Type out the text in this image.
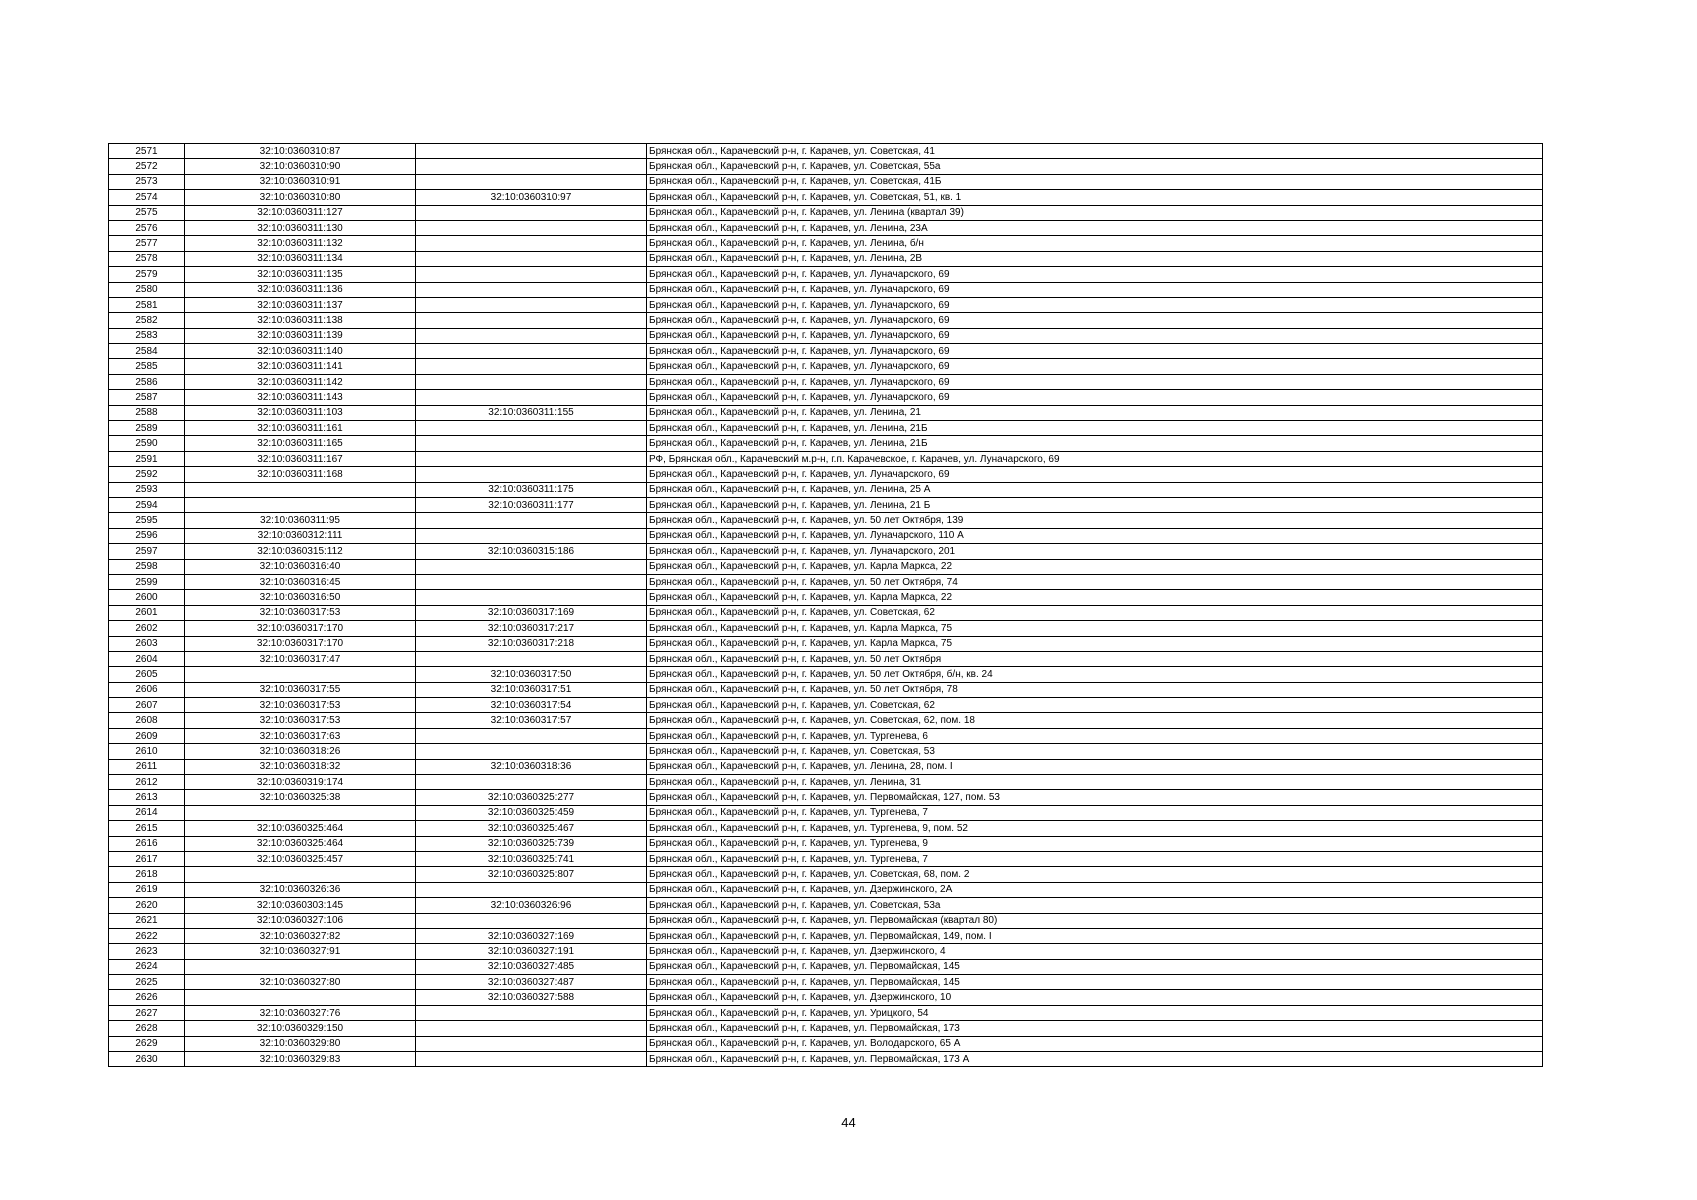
2571	32:10:0360310:87		Брянская обл., Карачевский р-н, г. Карачев, ул. Советская, 41
2572	32:10:0360310:90		Брянская обл., Карачевский р-н, г. Карачев, ул. Советская, 55а
2573	32:10:0360310:91		Брянская обл., Карачевский р-н, г. Карачев, ул. Советская, 41Б
2574	32:10:0360310:80	32:10:0360310:97	Брянская обл., Карачевский р-н, г. Карачев, ул. Советская, 51, кв. 1
2575	32:10:0360311:127		Брянская обл., Карачевский р-н, г. Карачев, ул. Ленина (квартал 39)
2576	32:10:0360311:130		Брянская обл., Карачевский р-н, г. Карачев, ул. Ленина, 23А
2577	32:10:0360311:132		Брянская обл., Карачевский р-н, г. Карачев, ул. Ленина, б/н
2578	32:10:0360311:134		Брянская обл., Карачевский р-н, г. Карачев, ул. Ленина, 2В
2579	32:10:0360311:135		Брянская обл., Карачевский р-н, г. Карачев, ул. Луначарского, 69
2580	32:10:0360311:136		Брянская обл., Карачевский р-н, г. Карачев, ул. Луначарского, 69
2581	32:10:0360311:137		Брянская обл., Карачевский р-н, г. Карачев, ул. Луначарского, 69
2582	32:10:0360311:138		Брянская обл., Карачевский р-н, г. Карачев, ул. Луначарского, 69
2583	32:10:0360311:139		Брянская обл., Карачевский р-н, г. Карачев, ул. Луначарского, 69
2584	32:10:0360311:140		Брянская обл., Карачевский р-н, г. Карачев, ул. Луначарского, 69
2585	32:10:0360311:141		Брянская обл., Карачевский р-н, г. Карачев, ул. Луначарского, 69
2586	32:10:0360311:142		Брянская обл., Карачевский р-н, г. Карачев, ул. Луначарского, 69
2587	32:10:0360311:143		Брянская обл., Карачевский р-н, г. Карачев, ул. Луначарского, 69
2588	32:10:0360311:103	32:10:0360311:155	Брянская обл., Карачевский р-н, г. Карачев, ул. Ленина, 21
2589	32:10:0360311:161		Брянская обл., Карачевский р-н, г. Карачев, ул. Ленина, 21Б
2590	32:10:0360311:165		Брянская обл., Карачевский р-н, г. Карачев, ул. Ленина, 21Б
2591	32:10:0360311:167		РФ, Брянская обл., Карачевский м.р-н, г.п. Карачевское, г. Карачев, ул. Луначарского, 69
2592	32:10:0360311:168		Брянская обл., Карачевский р-н, г. Карачев, ул. Луначарского, 69
2593		32:10:0360311:175	Брянская обл., Карачевский р-н, г. Карачев, ул. Ленина, 25 А
2594		32:10:0360311:177	Брянская обл., Карачевский р-н, г. Карачев, ул. Ленина, 21 Б
2595	32:10:0360311:95		Брянская обл., Карачевский р-н, г. Карачев, ул. 50 лет Октября, 139
2596	32:10:0360312:111		Брянская обл., Карачевский р-н, г. Карачев, ул. Луначарского, 110 А
2597	32:10:0360315:112	32:10:0360315:186	Брянская обл., Карачевский р-н, г. Карачев, ул. Луначарского, 201
2598	32:10:0360316:40		Брянская обл., Карачевский р-н, г. Карачев, ул. Карла Маркса, 22
2599	32:10:0360316:45		Брянская обл., Карачевский р-н, г. Карачев, ул. 50 лет Октября, 74
2600	32:10:0360316:50		Брянская обл., Карачевский р-н, г. Карачев, ул. Карла Маркса, 22
2601	32:10:0360317:53	32:10:0360317:169	Брянская обл., Карачевский р-н, г. Карачев, ул. Советская, 62
2602	32:10:0360317:170	32:10:0360317:217	Брянская обл., Карачевский р-н, г. Карачев, ул. Карла Маркса, 75
2603	32:10:0360317:170	32:10:0360317:218	Брянская обл., Карачевский р-н, г. Карачев, ул. Карла Маркса, 75
2604	32:10:0360317:47		Брянская обл., Карачевский р-н, г. Карачев, ул. 50 лет Октября
2605		32:10:0360317:50	Брянская обл., Карачевский р-н, г. Карачев, ул. 50 лет Октября, б/н, кв. 24
2606	32:10:0360317:55	32:10:0360317:51	Брянская обл., Карачевский р-н, г. Карачев, ул. 50 лет Октября, 78
2607	32:10:0360317:53	32:10:0360317:54	Брянская обл., Карачевский р-н, г. Карачев, ул. Советская, 62
2608	32:10:0360317:53	32:10:0360317:57	Брянская обл., Карачевский р-н, г. Карачев, ул. Советская, 62, пом. 18
2609	32:10:0360317:63		Брянская обл., Карачевский р-н, г. Карачев, ул. Тургенева, 6
2610	32:10:0360318:26		Брянская обл., Карачевский р-н, г. Карачев, ул. Советская, 53
2611	32:10:0360318:32	32:10:0360318:36	Брянская обл., Карачевский р-н, г. Карачев, ул. Ленина, 28, пом. I
2612	32:10:0360319:174		Брянская обл., Карачевский р-н, г. Карачев, ул. Ленина, 31
2613	32:10:0360325:38	32:10:0360325:277	Брянская обл., Карачевский р-н, г. Карачев, ул. Первомайская, 127, пом. 53
2614		32:10:0360325:459	Брянская обл., Карачевский р-н, г. Карачев, ул. Тургенева, 7
2615	32:10:0360325:464	32:10:0360325:467	Брянская обл., Карачевский р-н, г. Карачев, ул. Тургенева, 9, пом. 52
2616	32:10:0360325:464	32:10:0360325:739	Брянская обл., Карачевский р-н, г. Карачев, ул. Тургенева, 9
2617	32:10:0360325:457	32:10:0360325:741	Брянская обл., Карачевский р-н, г. Карачев, ул. Тургенева, 7
2618		32:10:0360325:807	Брянская обл., Карачевский р-н, г. Карачев, ул. Советская, 68, пом. 2
2619	32:10:0360326:36		Брянская обл., Карачевский р-н, г. Карачев, ул. Дзержинского, 2А
2620	32:10:0360303:145	32:10:0360326:96	Брянская обл., Карачевский р-н, г. Карачев, ул. Советская, 53а
2621	32:10:0360327:106		Брянская обл., Карачевский р-н, г. Карачев, ул. Первомайская (квартал 80)
2622	32:10:0360327:82	32:10:0360327:169	Брянская обл., Карачевский р-н, г. Карачев, ул. Первомайская, 149, пом. I
2623	32:10:0360327:91	32:10:0360327:191	Брянская обл., Карачевский р-н, г. Карачев, ул. Дзержинского, 4
2624		32:10:0360327:485	Брянская обл., Карачевский р-н, г. Карачев, ул. Первомайская, 145
2625	32:10:0360327:80	32:10:0360327:487	Брянская обл., Карачевский р-н, г. Карачев, ул. Первомайская, 145
2626		32:10:0360327:588	Брянская обл., Карачевский р-н, г. Карачев, ул. Дзержинского, 10
2627	32:10:0360327:76		Брянская обл., Карачевский р-н, г. Карачев, ул. Урицкого, 54
2628	32:10:0360329:150		Брянская обл., Карачевский р-н, г. Карачев, ул. Первомайская, 173
2629	32:10:0360329:80		Брянская обл., Карачевский р-н, г. Карачев, ул. Володарского, 65 А
2630	32:10:0360329:83		Брянская обл., Карачевский р-н, г. Карачев, ул. Первомайская, 173 А
44
